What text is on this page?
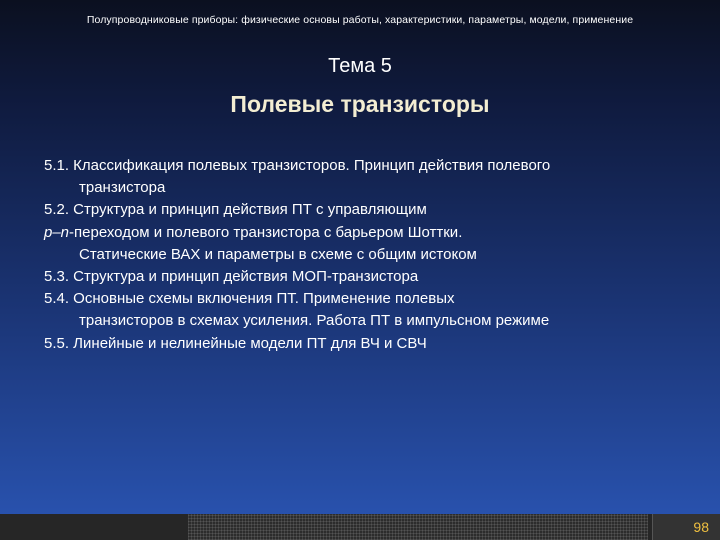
Полупроводниковые приборы: физические основы работы, характеристики, параметры, модели, применение
Тема 5
Полевые транзисторы
5.1. Классификация полевых транзисторов. Принцип действия полевого
транзистора
5.2. Структура и принцип действия ПТ с управляющим
p–n-переходом и полевого транзистора с барьером Шоттки.
Статические ВАХ и параметры в схеме с общим истоком
5.3. Структура и принцип действия МОП-транзистора
5.4. Основные схемы включения ПТ. Применение полевых
транзисторов в схемах усиления. Работа ПТ в импульсном режиме
5.5. Линейные и нелинейные модели ПТ для ВЧ и СВЧ
98
